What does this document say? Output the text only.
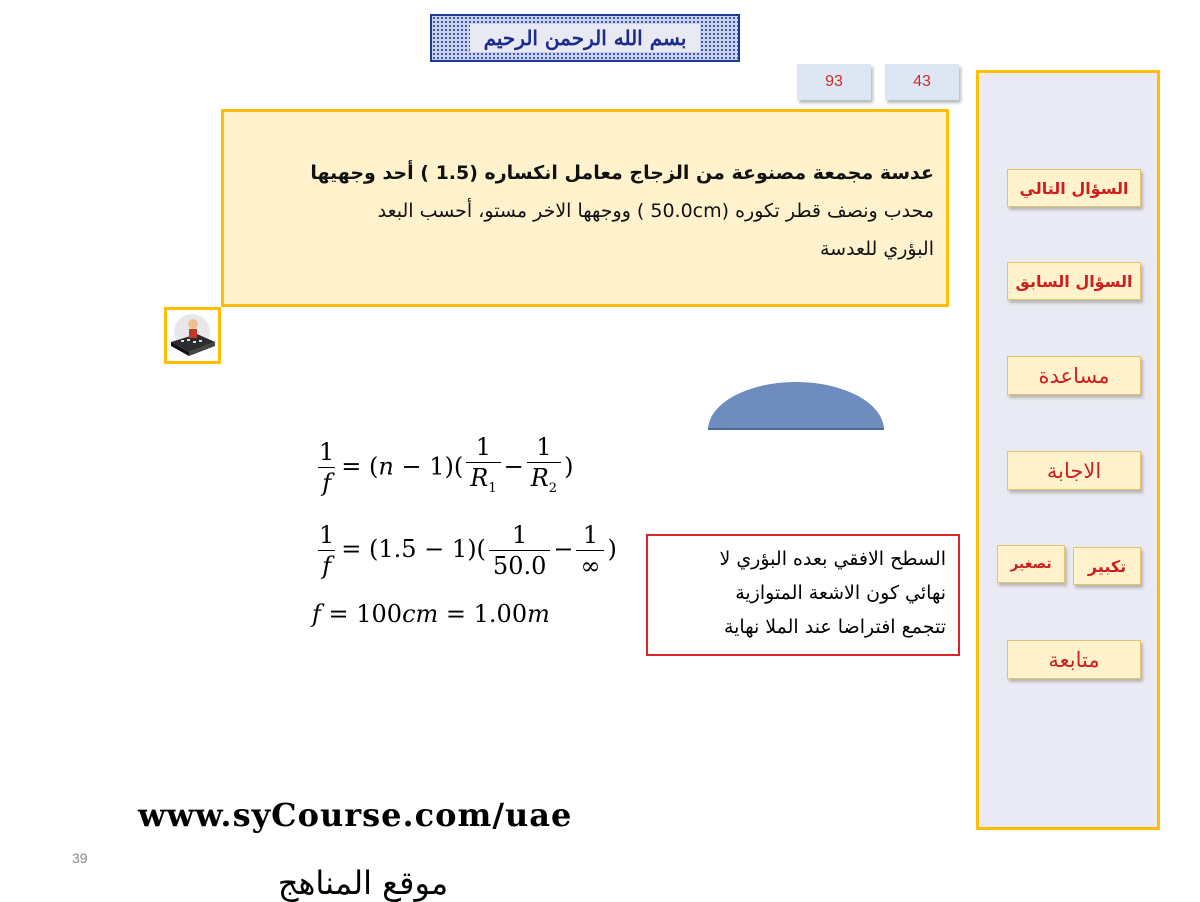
بسم الله الرحمن الرحيم
93	43
عدسة مجمعة مصنوعة من الزجاج معامل انكساره (1.5 ) أحد وجهيها
محدب ونصف قطر تكوره (50.0cm ) ووجهها الاخر مستو، أحسب البعد
البؤري للعدسة
$\frac{1}{f} = (n - 1)( \frac{1}{R_1} - \frac{1}{R_2}$ )
$\frac{1}{f} = (1.5 - 1)( \frac{1}{50.0} - \frac{1}{\infty}$ )
f = 100cm = 1.00m
السطح الافقي بعده البؤري لا
نهائي كون الاشعة المتوازية
تتجمع افتراضا عند الملا نهاية
السؤال التالي
السؤال السابق
مساعدة
الاجابة
تصغير	تكبير
متابعة
www.syCourse.com/uae
39
موقع المناهج
